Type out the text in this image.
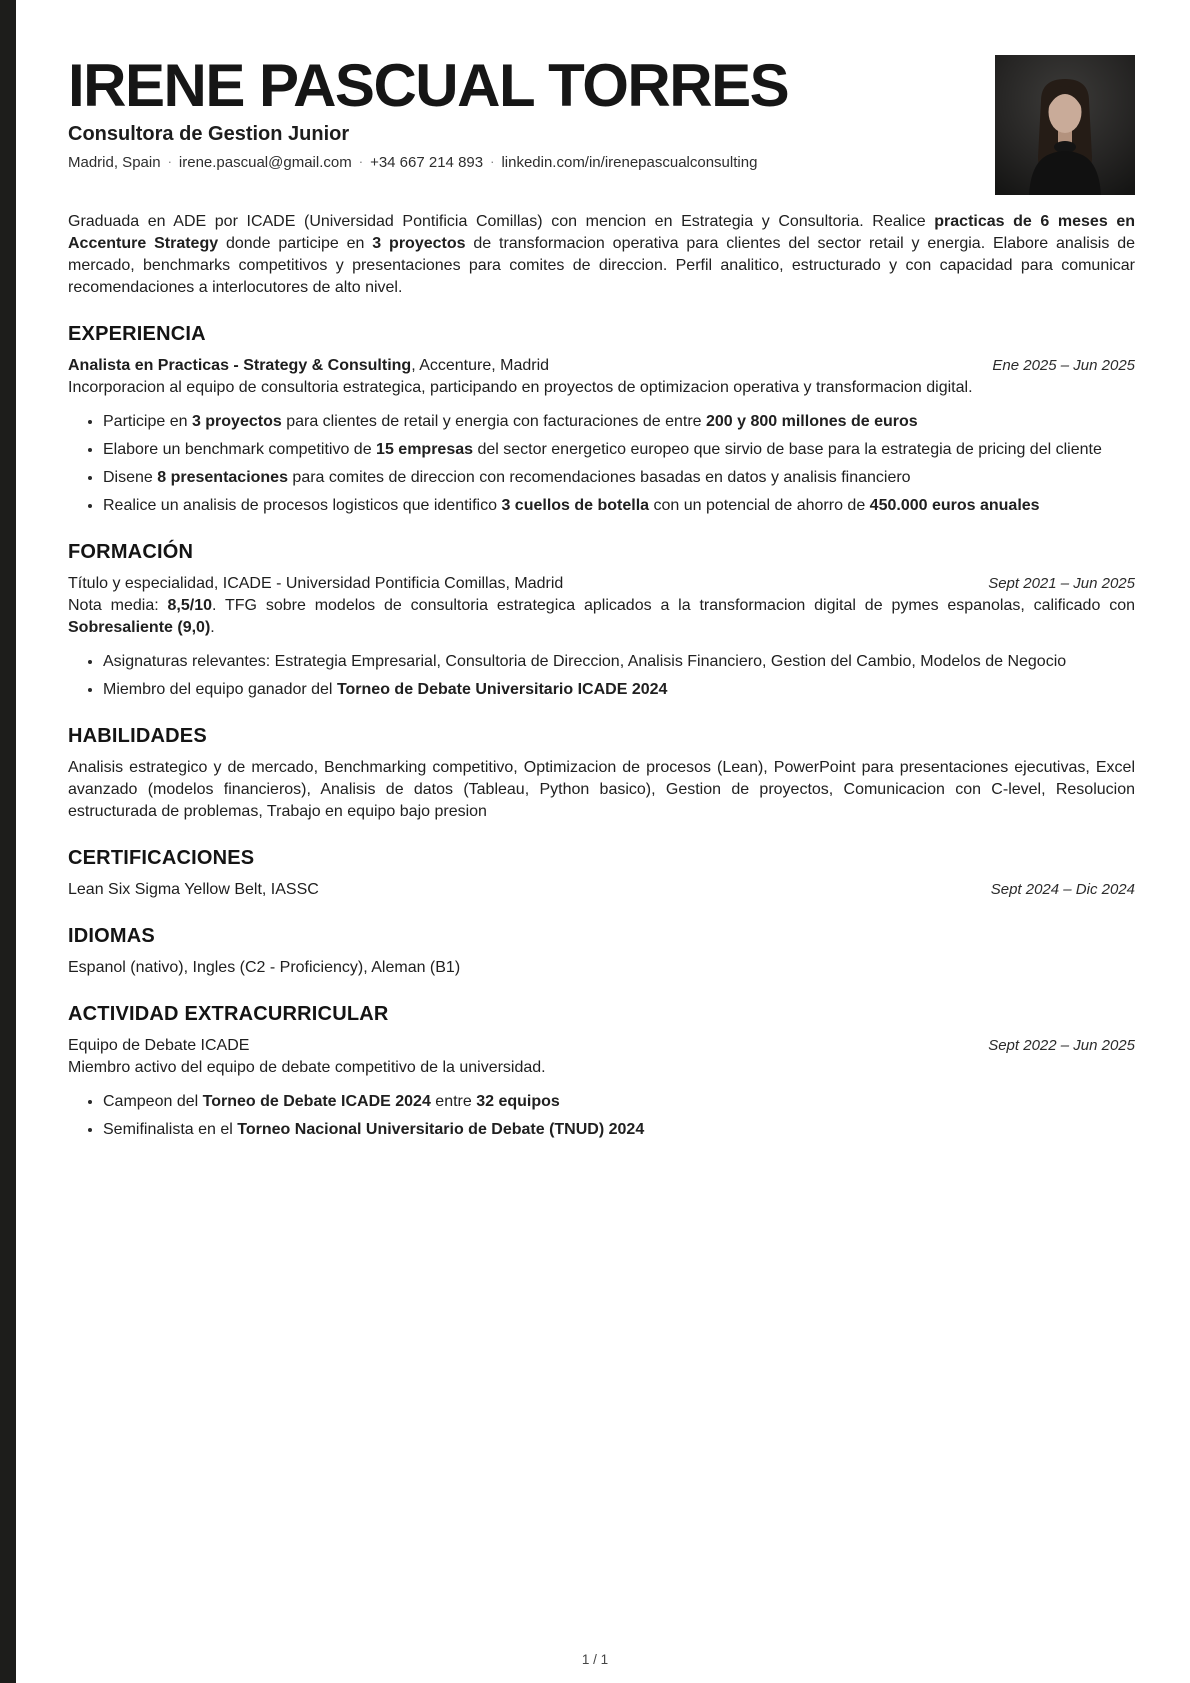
IRENE PASCUAL TORRES
Consultora de Gestion Junior
Madrid, Spain · irene.pascual@gmail.com · +34 667 214 893 · linkedin.com/in/irenepascualconsulting

Graduada en ADE por ICADE (Universidad Pontificia Comillas) con mencion en Estrategia y Consultoria. Realice practicas de 6 meses en Accenture Strategy donde participe en 3 proyectos de transformacion operativa para clientes del sector retail y energia. Elabore analisis de mercado, benchmarks competitivos y presentaciones para comites de direccion. Perfil analitico, estructurado y con capacidad para comunicar recomendaciones a interlocutores de alto nivel.

EXPERIENCIA
Analista en Practicas - Strategy & Consulting, Accenture, Madrid	Ene 2025 – Jun 2025

Incorporacion al equipo de consultoria estrategica, participando en proyectos de optimizacion operativa y transformacion digital.

• Participe en 3 proyectos para clientes de retail y energia con facturaciones de entre 200 y 800 millones de euros
• Elabore un benchmark competitivo de 15 empresas del sector energetico europeo que sirvio de base para la estrategia de pricing del cliente
• Disene 8 presentaciones para comites de direccion con recomendaciones basadas en datos y analisis financiero
• Realice un analisis de procesos logisticos que identifico 3 cuellos de botella con un potencial de ahorro de 450.000 euros anuales
FORMACIÓN
Título y especialidad, ICADE - Universidad Pontificia Comillas, Madrid	Sept 2021 – Jun 2025

Nota media: 8,5/10. TFG sobre modelos de consultoria estrategica aplicados a la transformacion digital de pymes espanolas, calificado con Sobresaliente (9,0).

• Asignaturas relevantes: Estrategia Empresarial, Consultoria de Direccion, Analisis Financiero, Gestion del Cambio, Modelos de Negocio
• Miembro del equipo ganador del Torneo de Debate Universitario ICADE 2024
HABILIDADES

Analisis estrategico y de mercado, Benchmarking competitivo, Optimizacion de procesos (Lean), PowerPoint para presentaciones ejecutivas, Excel avanzado (modelos financieros), Analisis de datos (Tableau, Python basico), Gestion de proyectos, Comunicacion con C-level, Resolucion estructurada de problemas, Trabajo en equipo bajo presion

CERTIFICACIONES
Lean Six Sigma Yellow Belt, IASSC	Sept 2024 – Dic 2024
IDIOMAS

Espanol (nativo), Ingles (C2 - Proficiency), Aleman (B1)

ACTIVIDAD EXTRACURRICULAR
Equipo de Debate ICADE	Sept 2022 – Jun 2025

Miembro activo del equipo de debate competitivo de la universidad.

• Campeon del Torneo de Debate ICADE 2024 entre 32 equipos
• Semifinalista en el Torneo Nacional Universitario de Debate (TNUD) 2024
1 / 1
